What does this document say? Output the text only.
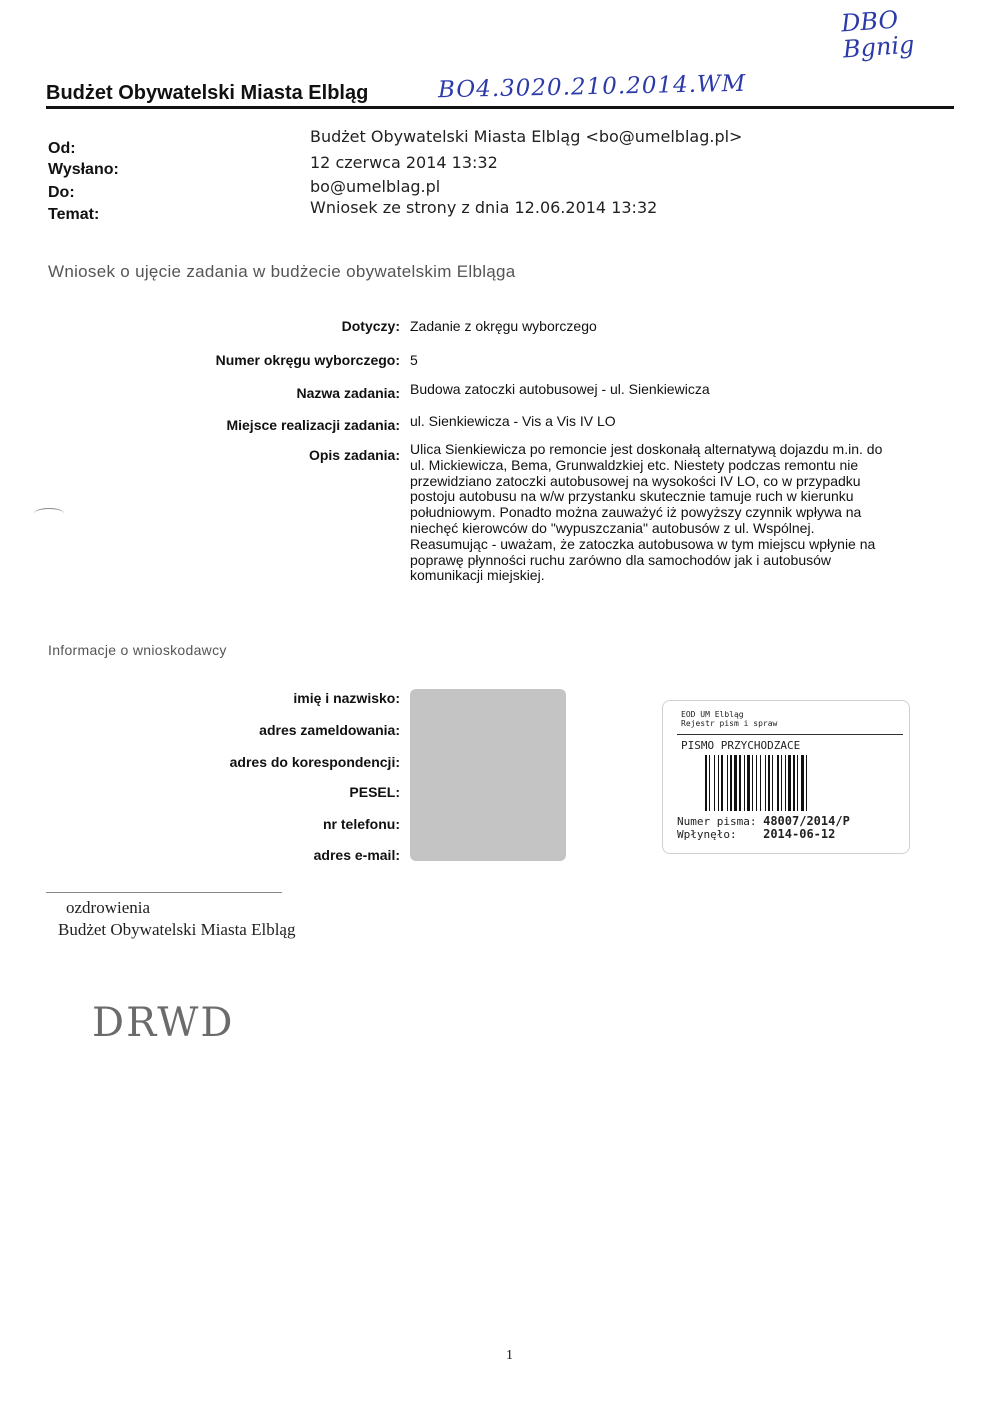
Budżet Obywatelski Miasta Elbląg	BO4.3020.210.2014.WM
DBO
Bgnig
Od:
Budżet Obywatelski Miasta Elbląg <bo@umelblag.pl>
Wysłano:	12 czerwca 2014 13:32
Do:	bo@umelblag.pl
Temat:	Wniosek ze strony z dnia 12.06.2014 13:32
Wniosek o ujęcie zadania w budżecie obywatelskim Elbląga
Dotyczy: Zadanie z okręgu wyborczego
Numer okręgu wyborczego: 5
Nazwa zadania: Budowa zatoczki autobusowej - ul. Sienkiewicza
Miejsce realizacji zadania: ul. Sienkiewicza - Vis a Vis IV LO
Opis zadania: Ulica Sienkiewicza po remoncie jest doskonałą alternatywą dojazdu m.in. do
ul. Mickiewicza, Bema, Grunwaldzkiej etc. Niestety podczas remontu nie
przewidziano zatoczki autobusowej na wysokości IV LO, co w przypadku
postoju autobusu na w/w przystanku skutecznie tamuje ruch w kierunku
południowym. Ponadto można zauważyć iż powyższy czynnik wpływa na
niechęć kierowców do "wypuszczania" autobusów z ul. Wspólnej.
Reasumując - uważam, że zatoczka autobusowa w tym miejscu wpłynie na
poprawę płynności ruchu zarówno dla samochodów jak i autobusów
komunikacji miejskiej.
Informacje o wnioskodawcy
imię i nazwisko:
adres zameldowania:
adres do korespondencji:
PESEL:
nr telefonu:
adres e-mail:
EOD UM Elbląg
Rejestr pism i spraw
PISMO PRZYCHODZACE
Numer pisma: 48007/2014/P
Wpłynęło: 2014-06-12
ozdrowienia
Budżet Obywatelski Miasta Elbląg
DRWD
1
